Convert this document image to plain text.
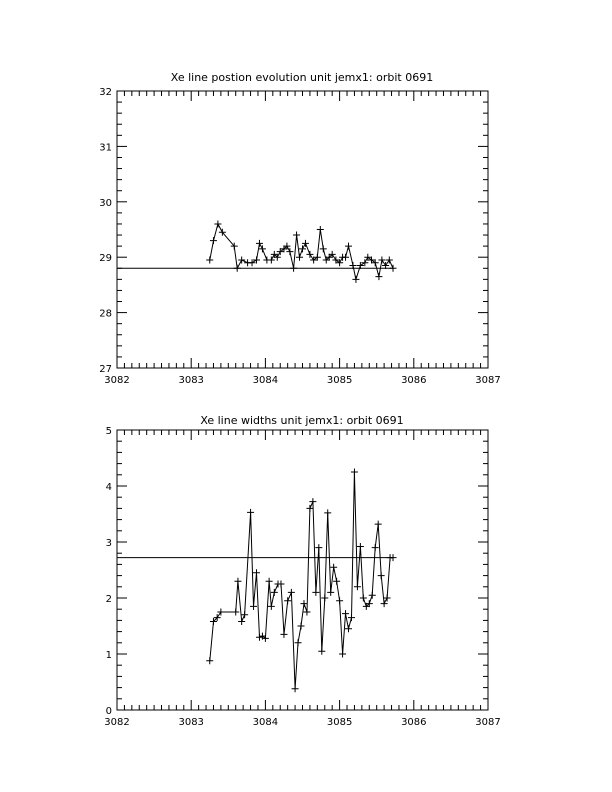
Xe line postion evolution unit jemx1: orbit 0691
3082	3083	3084	3085	3086	3087
27
28
29
30
31
32
Xe line widths unit jemx1: orbit 0691
3082	3083	3084	3085	3086	3087
0
1
2
3
4
5
